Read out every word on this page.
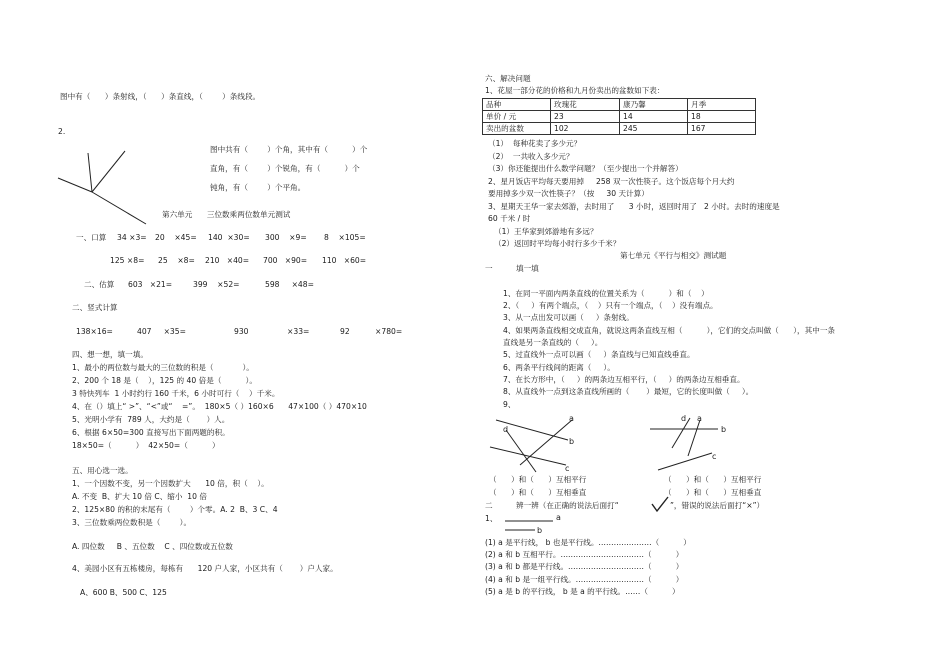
图中有（      ）条射线，（      ）条直线，（        ）条线段。
2.
图中共有（        ）个角，其中有（          ）个
直角，有（        ）个锐角，有（          ）个
钝角，有（        ）个平角。
第六单元      三位数乘两位数单元测试
一、口算 34 ×3= 20    ×45= 140  ×30= 300    ×9= 8    ×105=
125 ×8= 25    ×8= 210   ×40= 700   ×90= 110   ×60=
二、估算 603   ×21=	399    ×52=	598     ×48=
二、竖式计算
138×16=	407     ×35=	930	×33=	92	×780=
四、想一想，填一填。
1、最小的两位数与最大的三位数的积是（            ）。
2、200 个 18 是（    ），125 的 40 倍是（          ）。
3 特快列车  1 小时约行 160 千米，6 小时可行（    ）千米。
4、在（）填上“ >”、“<”或“    =”。  180×5（ ）160×6      47×100（ ）470×10
5、光明小学有  789 人，大约是（       ）人。
6、根据 6×50=300 直接写出下面两题的积。
18×50=（          ）  42×50=（          ）
五、用心选一选。
1、一个因数不变，另一个因数扩大      10 倍，积（    ）。
A. 不变  B、扩大 10 倍 C、缩小  10 倍
2、125×80 的积的末尾有（        ）个零。A. 2  B、3 C、4
3、三位数乘两位数积是（        ）。
A. 四位数     B 、五位数    C 、四位数或五位数
4、美园小区有五栋楼房，每栋有      120 户人家，小区共有（       ）户人家。
A、600 B、500 C、125
六、解决问题
1、花屋一部分花的价格和九月份卖出的盆数如下表：
品种	玫瑰花	康乃馨	月季
单价 / 元	23	14	18
卖出的盆数	102	245	167
（1）  每种花卖了多少元？
（2）  一共收入多少元？
（3）你还能提出什么数学问题？（至少提出一个并解答）
2、星月饭店平均每天要用掉     258 双一次性筷子。这个饭店每个月大约
要用掉多少双一次性筷子？（按     30 天计算）
3、星期天王华一家去郊游，去时用了      3 小时，返回时用了   2 小时。去时的速度是
60 千米 / 时
（1）王华家到郊游地有多远？
（2）返回时平均每小时行多少千米？
第七单元《平行与相交》测试题
一	填一填
1、在同一平面内两条直线的位置关系为（          ）和（    ）
2、（     ）有两个端点，（    ）只有一个端点，（    ）没有端点。
3、从一点出发可以画（     ）条射线。
4、如果两条直线相交成直角，就说这两条直线互相（          ），它们的交点叫做（      ），其中一条
直线是另一条直线的（     ）。
5、过直线外一点可以画（     ）条直线与已知直线垂直。
6、两条平行线间的距离（     ）。
7、在长方形中，（     ）的两条边互相平行，（     ）的两条边互相垂直。
8、从直线外一点到这条直线所画的（       ）最短，它的长度叫做（     ）。
9、
a
b
c
d
a
b
c
d
（      ）和（      ）互相平行
（      ）和（      ）互相垂直
（      ）和（      ）互相平行
（      ）和（      ）互相垂直
二	辨一辨（在正确的说法后面打“	”，错误的说法后面打“×”）
1、	a
b
(1) a 是平行线， b 也是平行线。…………………（          ）
(2) a 和 b 互相平行。……………………………（          ）
(3) a 和 b 都是平行线。…………………………（          ）
(4) a 和 b 是一组平行线。………………………（          ）
(5) a 是 b 的平行线， b 是 a 的平行线。……（          ）
